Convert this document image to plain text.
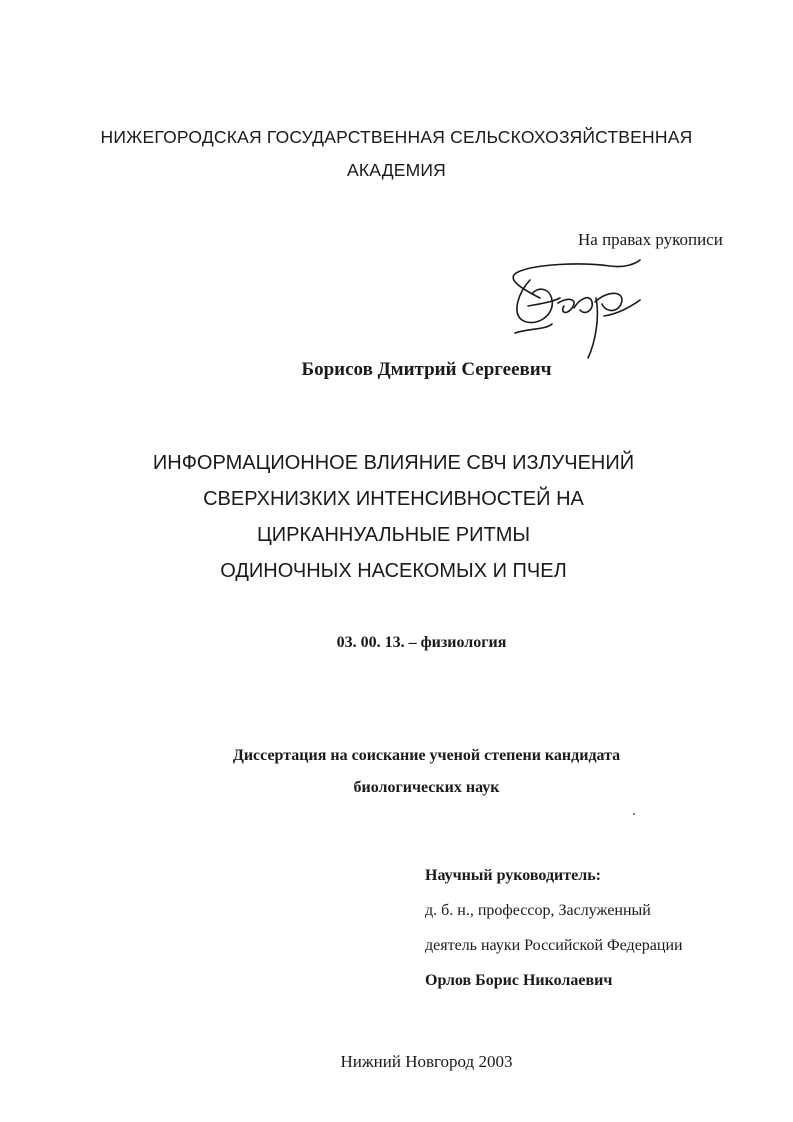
НИЖЕГОРОДСКАЯ ГОСУДАРСТВЕННАЯ СЕЛЬСКОХОЗЯЙСТВЕННАЯ
АКАДЕМИЯ
На правах рукописи
Борисов Дмитрий Сергеевич
ИНФОРМАЦИОННОЕ ВЛИЯНИЕ СВЧ ИЗЛУЧЕНИЙ
СВЕРХНИЗКИХ ИНТЕНСИВНОСТЕЙ НА
ЦИРКАННУАЛЬНЫЕ РИТМЫ
ОДИНОЧНЫХ НАСЕКОМЫХ И ПЧЕЛ
03. 00. 13. – физиология
Диссертация на соискание ученой степени кандидата
биологических наук
Научный руководитель:
д. б. н., профессор, Заслуженный
деятель науки Российской Федерации
Орлов Борис Николаевич
Нижний Новгород 2003
